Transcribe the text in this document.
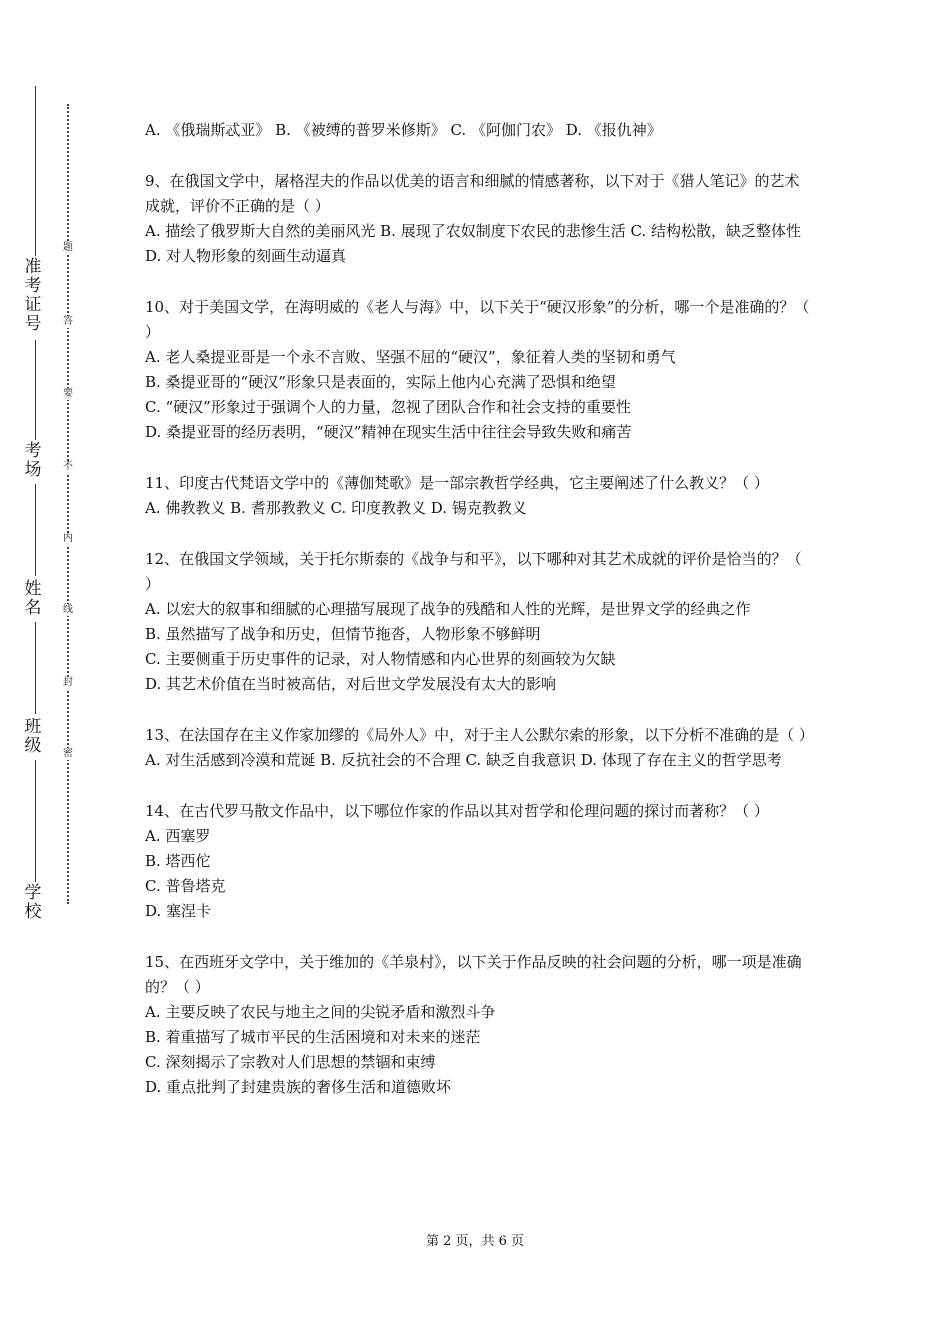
准考证号
考场
姓名
班级
学校
题
答
要
不
内
线
封
密

A. 《俄瑞斯忒亚》 B. 《被缚的普罗米修斯》 C. 《阿伽门农》 D. 《报仇神》

9、在俄国文学中，屠格涅夫的作品以优美的语言和细腻的情感著称，以下对于《猎人笔记》的艺术成就，评价不正确的是（ ）

A. 描绘了俄罗斯大自然的美丽风光 B. 展现了农奴制度下农民的悲惨生活 C. 结构松散，缺乏整体性 D. 对人物形象的刻画生动逼真

10、对于美国文学，在海明威的《老人与海》中，以下关于“硬汉形象”的分析，哪一个是准确的？（ ）

A. 老人桑提亚哥是一个永不言败、坚强不屈的“硬汉”，象征着人类的坚韧和勇气

B. 桑提亚哥的“硬汉”形象只是表面的，实际上他内心充满了恐惧和绝望

C. “硬汉”形象过于强调个人的力量，忽视了团队合作和社会支持的重要性

D. 桑提亚哥的经历表明，“硬汉”精神在现实生活中往往会导致失败和痛苦

11、印度古代梵语文学中的《薄伽梵歌》是一部宗教哲学经典，它主要阐述了什么教义？（ ）

A. 佛教教义 B. 耆那教教义 C. 印度教教义 D. 锡克教教义

12、在俄国文学领域，关于托尔斯泰的《战争与和平》，以下哪种对其艺术成就的评价是恰当的？（ ）

A. 以宏大的叙事和细腻的心理描写展现了战争的残酷和人性的光辉，是世界文学的经典之作

B. 虽然描写了战争和历史，但情节拖沓，人物形象不够鲜明

C. 主要侧重于历史事件的记录，对人物情感和内心世界的刻画较为欠缺

D. 其艺术价值在当时被高估，对后世文学发展没有太大的影响

13、在法国存在主义作家加缪的《局外人》中，对于主人公默尔索的形象，以下分析不准确的是（ ）

A. 对生活感到冷漠和荒诞 B. 反抗社会的不合理 C. 缺乏自我意识 D. 体现了存在主义的哲学思考

14、在古代罗马散文作品中，以下哪位作家的作品以其对哲学和伦理问题的探讨而著称？（ ）

A. 西塞罗

B. 塔西佗

C. 普鲁塔克

D. 塞涅卡

15、在西班牙文学中，关于维加的《羊泉村》，以下关于作品反映的社会问题的分析，哪一项是准确的？（ ）

A. 主要反映了农民与地主之间的尖锐矛盾和激烈斗争

B. 着重描写了城市平民的生活困境和对未来的迷茫

C. 深刻揭示了宗教对人们思想的禁锢和束缚

D. 重点批判了封建贵族的奢侈生活和道德败坏

第 2 页，共 6 页
